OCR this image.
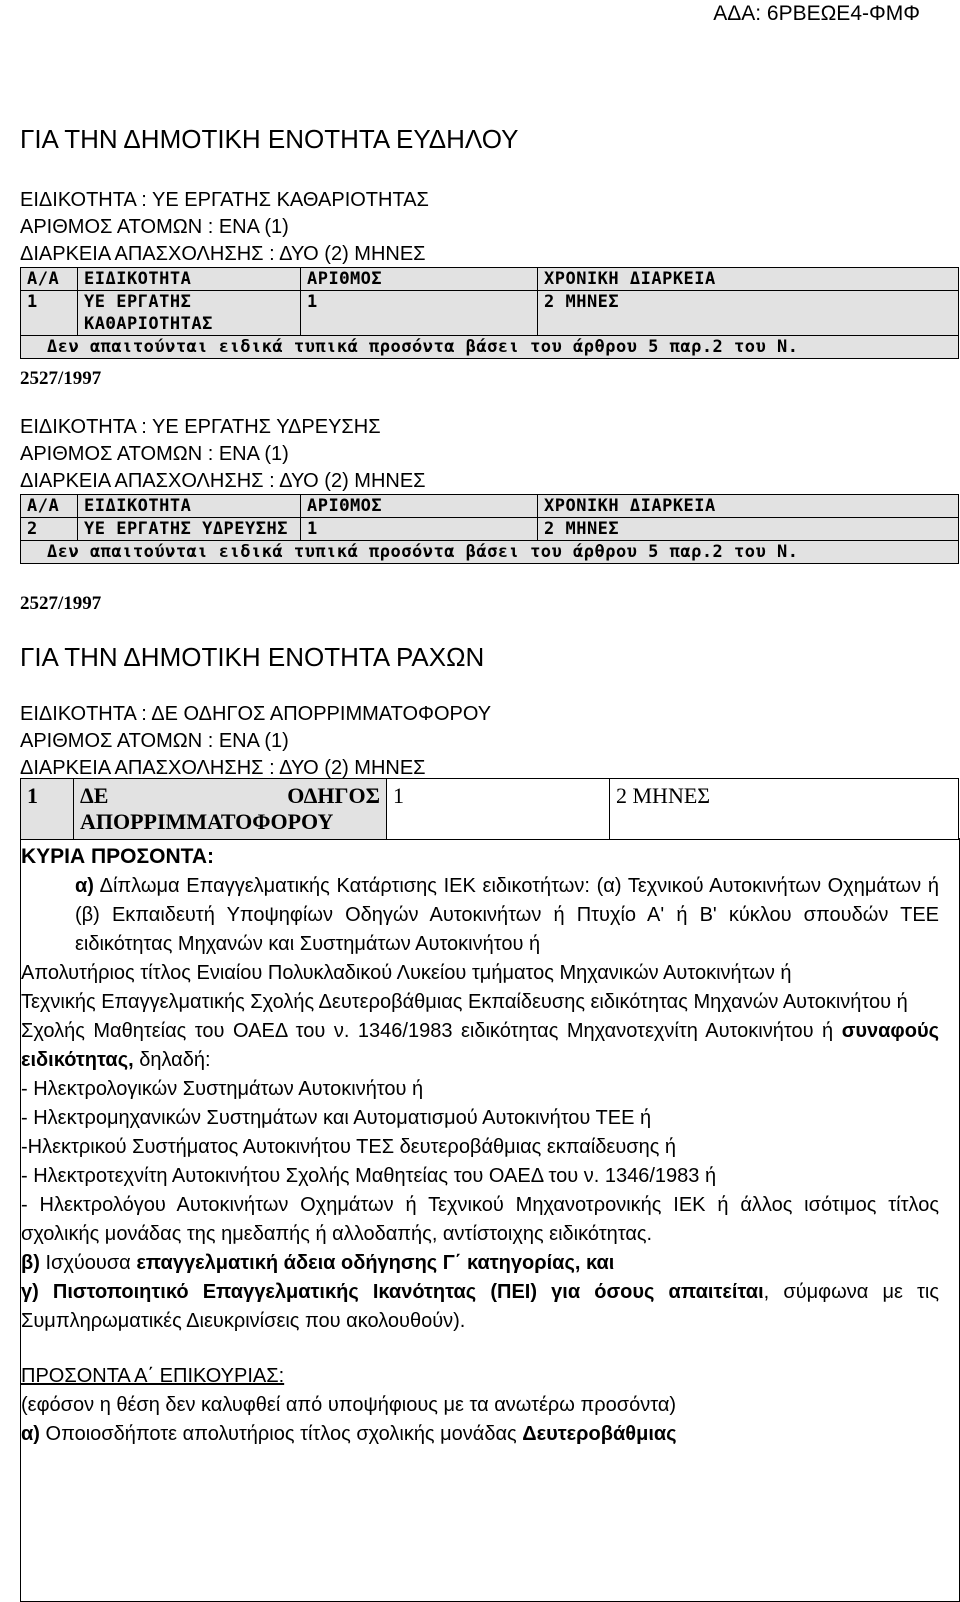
ΑΔΑ: 6ΡΒΕΩΕ4-ΦΜΦ
ΓΙΑ ΤΗΝ ΔΗΜΟΤΙΚΗ ΕΝΟΤΗΤΑ ΕΥΔΗΛΟΥ
ΕΙΔΙΚΟΤΗΤΑ : ΥΕ ΕΡΓΑΤΗΣ ΚΑΘΑΡΙΟΤΗΤΑΣ
ΑΡΙΘΜΟΣ ΑΤΟΜΩΝ : ΕΝΑ (1)
ΔΙΑΡΚΕΙΑ ΑΠΑΣΧΟΛΗΣΗΣ : ΔΥΟ (2) ΜΗΝΕΣ
Α/Α	ΕΙΔΙΚΟΤΗΤΑ	ΑΡΙΘΜΟΣ	ΧΡΟΝΙΚΗ ΔΙΑΡΚΕΙΑ
1	ΥΕ ΕΡΓΑΤΗΣ ΚΑΘΑΡΙΟΤΗΤΑΣ	1	2 ΜΗΝΕΣ
Δεν απαιτούνται ειδικά τυπικά προσόντα βάσει του άρθρου 5 παρ.2 του Ν.			
2527/1997
ΕΙΔΙΚΟΤΗΤΑ : ΥΕ ΕΡΓΑΤΗΣ ΥΔΡΕΥΣΗΣ
ΑΡΙΘΜΟΣ ΑΤΟΜΩΝ : ΕΝΑ (1)
ΔΙΑΡΚΕΙΑ ΑΠΑΣΧΟΛΗΣΗΣ : ΔΥΟ (2) ΜΗΝΕΣ
Α/Α	ΕΙΔΙΚΟΤΗΤΑ	ΑΡΙΘΜΟΣ	ΧΡΟΝΙΚΗ ΔΙΑΡΚΕΙΑ
2	ΥΕ ΕΡΓΑΤΗΣ ΥΔΡΕΥΣΗΣ	1	2 ΜΗΝΕΣ
Δεν απαιτούνται ειδικά τυπικά προσόντα βάσει του άρθρου 5 παρ.2 του Ν.			
2527/1997
ΓΙΑ ΤΗΝ ΔΗΜΟΤΙΚΗ ΕΝΟΤΗΤΑ ΡΑΧΩΝ
ΕΙΔΙΚΟΤΗΤΑ : ΔΕ ΟΔΗΓΟΣ ΑΠΟΡΡΙΜΜΑΤΟΦΟΡΟΥ
ΑΡΙΘΜΟΣ ΑΤΟΜΩΝ : ΕΝΑ (1)
ΔΙΑΡΚΕΙΑ ΑΠΑΣΧΟΛΗΣΗΣ : ΔΥΟ (2) ΜΗΝΕΣ
1	ΔΕ ΟΔΗΓΟΣ ΑΠΟΡΡΙΜΜΑΤΟΦΟΡΟΥ	1	2 ΜΗΝΕΣ

ΚΥΡΙΑ ΠΡΟΣΟΝΤΑ:

α) Δίπλωμα Επαγγελματικής Κατάρτισης ΙΕΚ ειδικοτήτων: (α) Τεχνικού Αυτοκινήτων Οχημάτων ή (β) Εκπαιδευτή Υποψηφίων Οδηγών Αυτοκινήτων ή Πτυχίο Α' ή Β' κύκλου σπουδών ΤΕΕ ειδικότητας Μηχανών και Συστημάτων Αυτοκινήτου ή

Απολυτήριος τίτλος Ενιαίου Πολυκλαδικού Λυκείου τμήματος Μηχανικών Αυτοκινήτων ή

Τεχνικής Επαγγελματικής Σχολής Δευτεροβάθμιας Εκπαίδευσης ειδικότητας Μηχανών Αυτοκινήτου ή

Σχολής Μαθητείας του ΟΑΕΔ του ν. 1346/1983 ειδικότητας Μηχανοτεχνίτη Αυτοκινήτου ή συναφούς ειδικότητας, δηλαδή:

- Ηλεκτρολογικών Συστημάτων Αυτοκινήτου ή

- Ηλεκτρομηχανικών Συστημάτων και Αυτοματισμού Αυτοκινήτου ΤΕΕ ή

-Ηλεκτρικού Συστήματος Αυτοκινήτου ΤΕΣ δευτεροβάθμιας εκπαίδευσης ή

- Ηλεκτροτεχνίτη Αυτοκινήτου Σχολής Μαθητείας του ΟΑΕΔ του ν. 1346/1983 ή

- Ηλεκτρολόγου Αυτοκινήτων Οχημάτων ή Τεχνικού Μηχανοτρονικής ΙΕΚ ή άλλος ισότιμος τίτλος σχολικής μονάδας της ημεδαπής ή αλλοδαπής, αντίστοιχης ειδικότητας.

β) Ισχύουσα επαγγελματική άδεια οδήγησης Γ΄ κατηγορίας, και

γ) Πιστοποιητικό Επαγγελματικής Ικανότητας (ΠΕΙ) για όσους απαιτείται, σύμφωνα με τις Συμπληρωματικές Διευκρινίσεις που ακολουθούν).

ΠΡΟΣΟΝΤΑ Α΄ ΕΠΙΚΟΥΡΙΑΣ:

(εφόσον η θέση δεν καλυφθεί από υποψήφιους με τα ανωτέρω προσόντα)

α) Οποιοσδήποτε απολυτήριος τίτλος σχολικής μονάδας Δευτεροβάθμιας
